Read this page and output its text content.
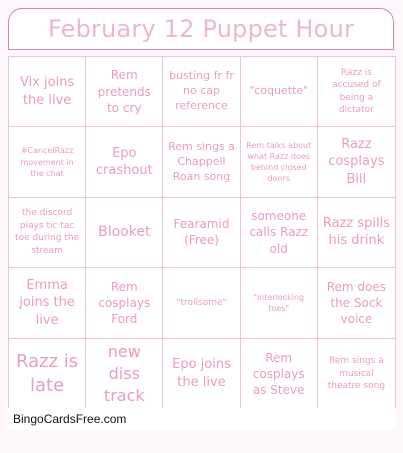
February 12 Puppet Hour
Vix joins the live
Rem pretends to cry
busting fr fr no cap reference
"coquette"
Razz is accused of being a dictator
#CancelRazz movement in the chat
Epo crashout
Rem sings a Chappell Roan song
Rem talks about what Razz does behind closed doors
Razz cosplays Bill
the discord plays tic tac toe during the stream
Blooket	Fearamid (Free)
someone calls Razz old
Razz spills his drink
Emma joins the live
Rem cosplays Ford
"trollsome"
"interlocking toes"
Rem does the Sock voice
Razz is late
new diss track
Epo joins the live
Rem cosplays as Steve
Rem sings a musical theatre song
BingoCardsFree.com
